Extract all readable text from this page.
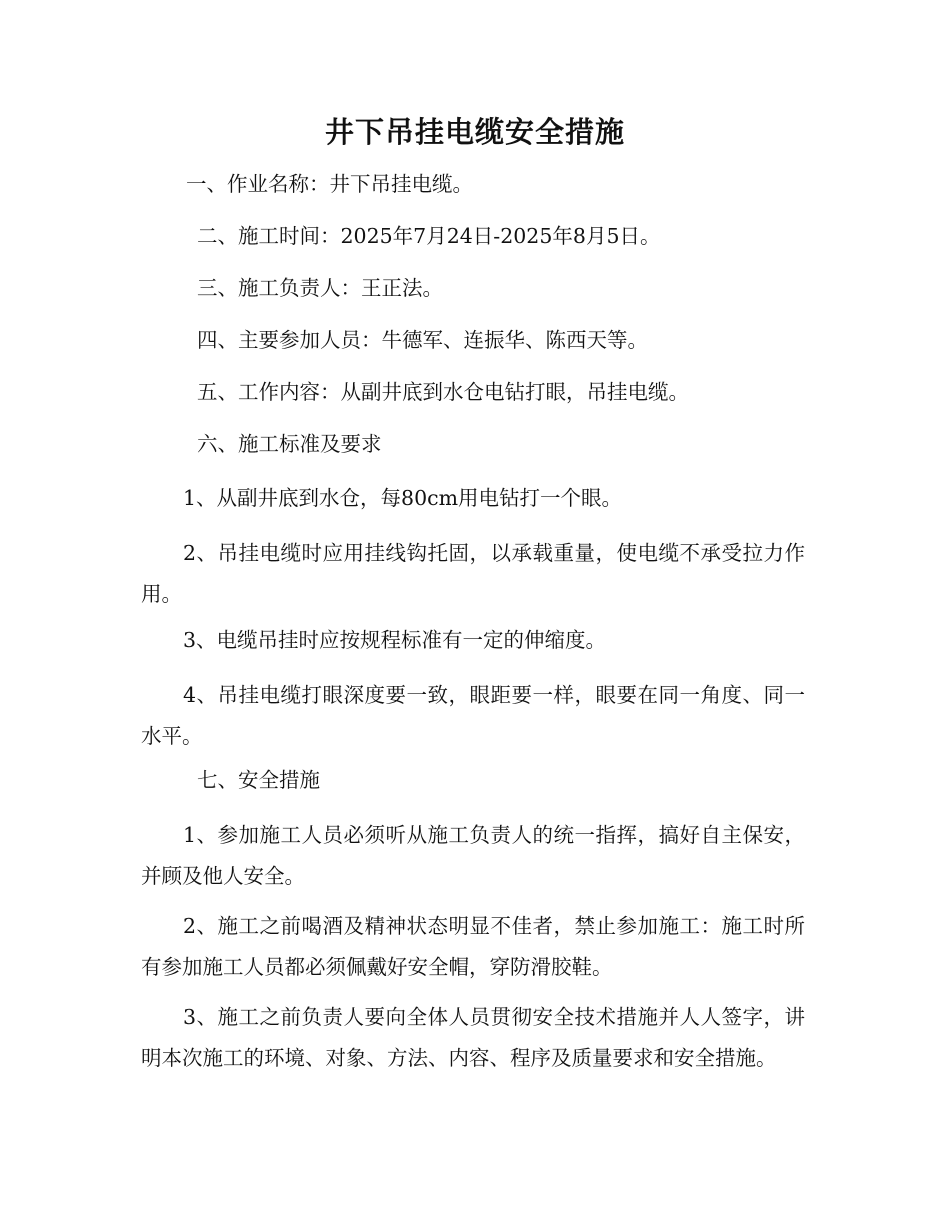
井下吊挂电缆安全措施
一、作业名称：井下吊挂电缆。
二、施工时间：2025年7月24日-2025年8月5日。
三、施工负责人：王正法。
四、主要参加人员：牛德军、连振华、陈西天等。
五、工作内容：从副井底到水仓电钻打眼，吊挂电缆。
六、施工标准及要求
1、从副井底到水仓，每80cm用电钻打一个眼。
2、吊挂电缆时应用挂线钩托固，以承载重量，使电缆不承受拉力作用。
3、电缆吊挂时应按规程标准有一定的伸缩度。
4、吊挂电缆打眼深度要一致，眼距要一样，眼要在同一角度、同一水平。
七、安全措施
1、参加施工人员必须听从施工负责人的统一指挥，搞好自主保安，并顾及他人安全。
2、施工之前喝酒及精神状态明显不佳者，禁止参加施工：施工时所有参加施工人员都必须佩戴好安全帽，穿防滑胶鞋。
3、施工之前负责人要向全体人员贯彻安全技术措施并人人签字，讲明本次施工的环境、对象、方法、内容、程序及质量要求和安全措施。
